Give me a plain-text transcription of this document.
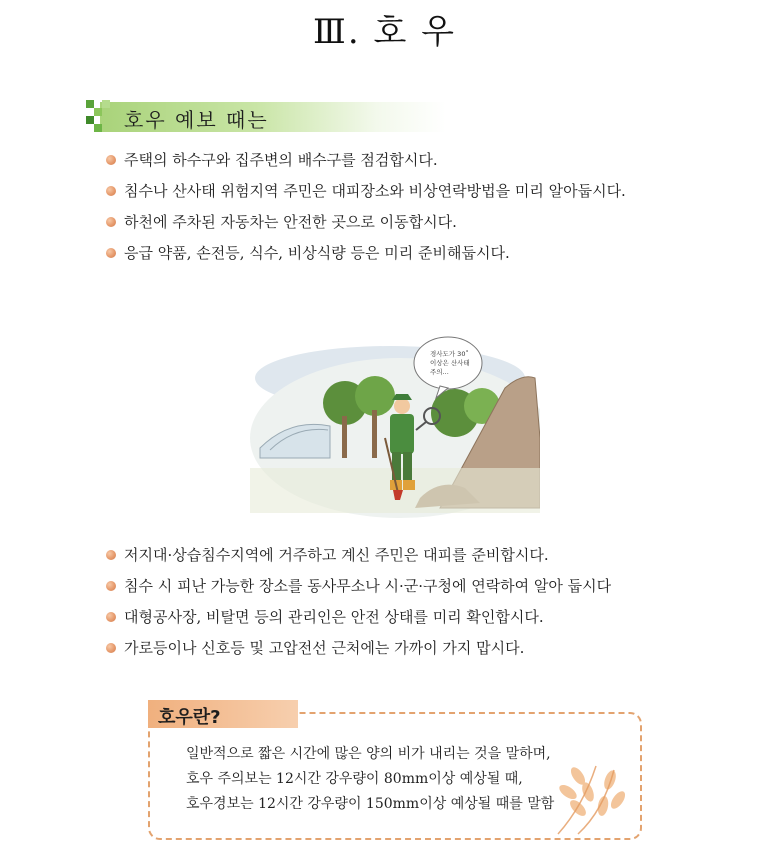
Ⅲ. 호 우
호우 예보 때는
주택의 하수구와 집주변의 배수구를 점검합시다.
침수나 산사태 위험지역 주민은 대피장소와 비상연락방법을 미리 알아둡시다.
하천에 주차된 자동차는 안전한 곳으로 이동합시다.
응급 약품, 손전등, 식수, 비상식량 등은 미리 준비해둡시다.
경사도가 30˚
이상은 산사태
주의...
저지대·상습침수지역에 거주하고 계신 주민은 대피를 준비합시다.
침수 시 피난 가능한 장소를 동사무소나 시·군·구청에 연락하여 알아 둡시다
대형공사장, 비탈면 등의 관리인은 안전 상태를 미리 확인합시다.
가로등이나 신호등 및 고압전선 근처에는 가까이 가지 맙시다.
호우란?
일반적으로 짧은 시간에 많은 양의 비가 내리는 것을 말하며,
호우 주의보는 12시간 강우량이 80mm이상 예상될 때,
호우경보는 12시간 강우량이 150mm이상 예상될 때를 말함
